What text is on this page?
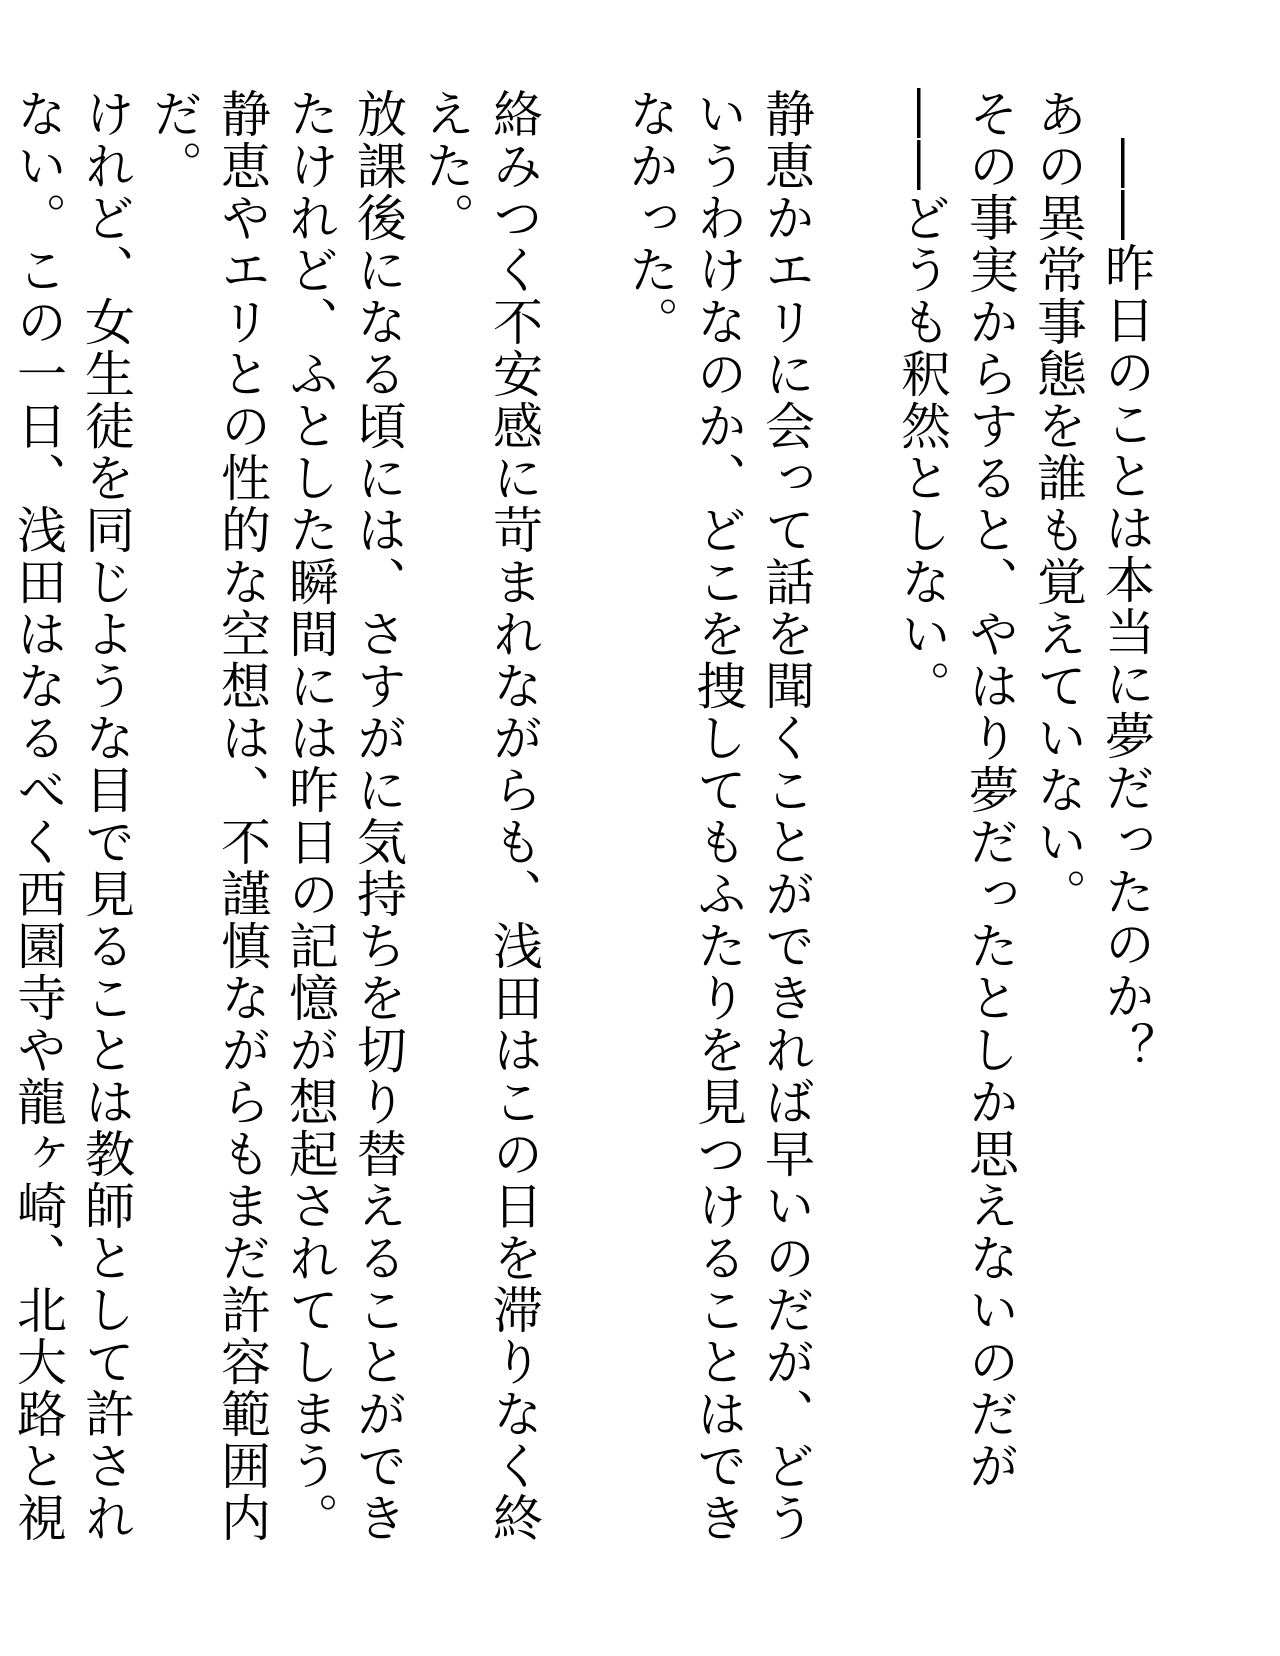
――昨日のことは本当に夢だったのか？

あの異常事態を誰も覚えていない。

その事実からすると、やはり夢だったとしか思えないのだが――どうも釈然としない。

静恵かエリに会って話を聞くことができれば早いのだが、どういうわけなのか、どこを捜してもふたりを見つけることはできなかった。

絡みつく不安感に苛まれながらも、浅田はこの日を滞りなく終えた。

放課後になる頃には、さすがに気持ちを切り替えることができたけれど、ふとした瞬間には昨日の記憶が想起されてしまう。

静恵やエリとの性的な空想は、不謹慎ながらもまだ許容範囲内だ。

けれど、女生徒を同じような目で見ることは教師として許されない。この一日、浅田はなるべく西園寺や龍ヶ崎、北大路と視
